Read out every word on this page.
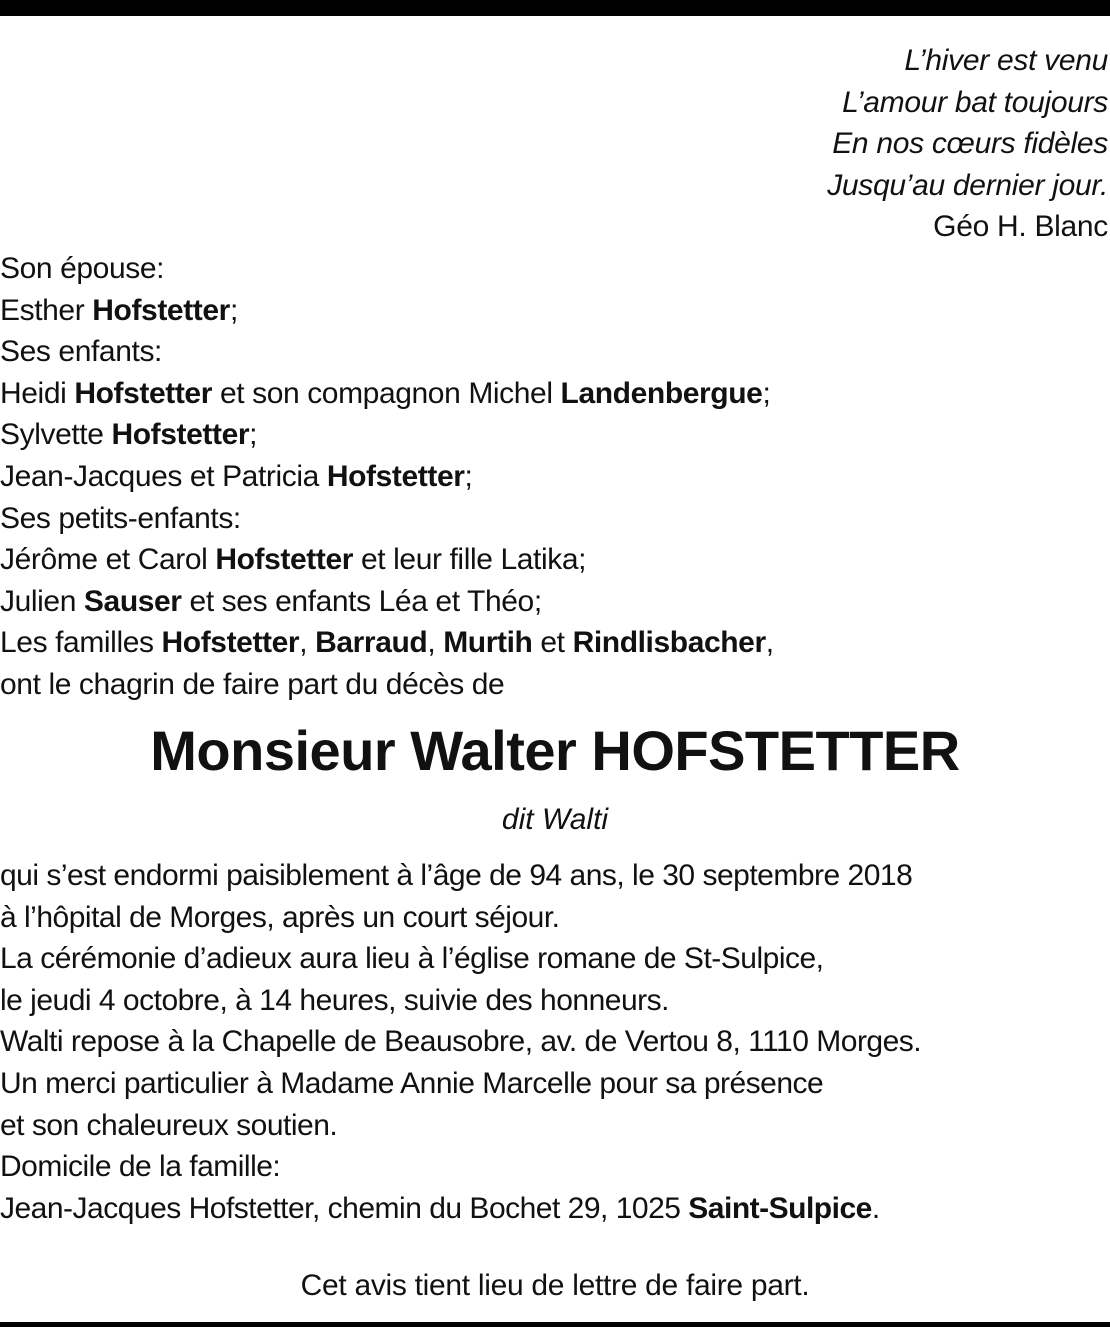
L’hiver est venu
L’amour bat toujours
En nos cœurs fidèles
Jusqu’au dernier jour.
Géo H. Blanc
Son épouse:
Esther Hofstetter;
Ses enfants:
Heidi Hofstetter et son compagnon Michel Landenbergue;
Sylvette Hofstetter;
Jean-Jacques et Patricia Hofstetter;
Ses petits-enfants:
Jérôme et Carol Hofstetter et leur fille Latika;
Julien Sauser et ses enfants Léa et Théo;
Les familles Hofstetter, Barraud, Murtih et Rindlisbacher,
ont le chagrin de faire part du décès de
Monsieur Walter HOFSTETTER
dit Walti
qui s’est endormi paisiblement à l’âge de 94 ans, le 30 septembre 2018
à l’hôpital de Morges, après un court séjour.
La cérémonie d’adieux aura lieu à l’église romane de St-Sulpice,
le jeudi 4 octobre, à 14 heures, suivie des honneurs.
Walti repose à la Chapelle de Beausobre, av. de Vertou 8, 1110 Morges.
Un merci particulier à Madame Annie Marcelle pour sa présence
et son chaleureux soutien.
Domicile de la famille:
Jean-Jacques Hofstetter, chemin du Bochet 29, 1025 Saint-Sulpice.
Cet avis tient lieu de lettre de faire part.
